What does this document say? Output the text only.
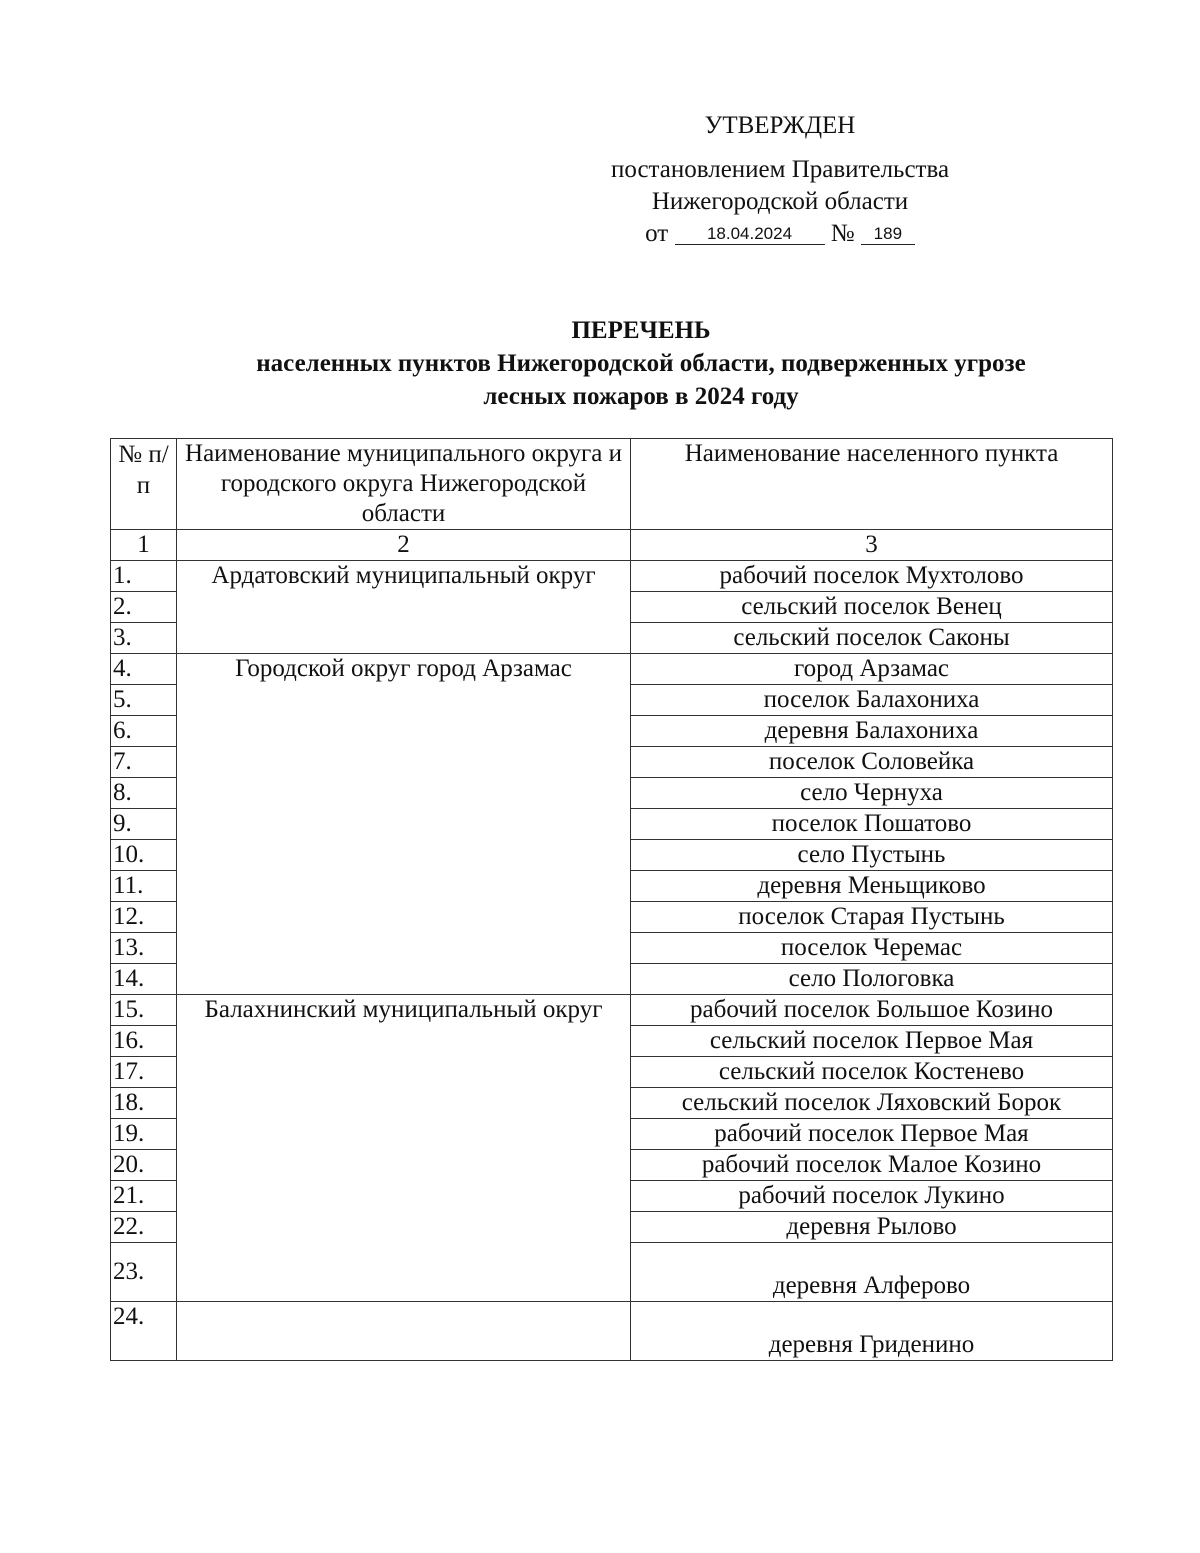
УТВЕРЖДЕН
постановлением Правительства
Нижегородской области
от 18.04.2024 № 189
ПЕРЕЧЕНЬ
населенных пунктов Нижегородской области, подверженных угрозе
лесных пожаров в 2024 году
№ п/п	Наименование муниципального округа и городского округа Нижегородской области	Наименование населенного пункта
1	2	3
1.	Ардатовский муниципальный округ	рабочий поселок Мухтолово
2.		сельский поселок Венец
3.		сельский поселок Саконы
4.	Городской округ город Арзамас	город Арзамас
5.		поселок Балахониха
6.		деревня Балахониха
7.		поселок Соловейка
8.		село Чернуха
9.		поселок Пошатово
10.		село Пустынь
11.		деревня Меньщиково
12.		поселок Старая Пустынь
13.		поселок Черемас
14.		село Пологовка
15.	Балахнинский муниципальный округ	рабочий поселок Большое Козино
16.		сельский поселок Первое Мая
17.		сельский поселок Костенево
18.		сельский поселок Ляховский Борок
19.		рабочий поселок Первое Мая
20.		рабочий поселок Малое Козино
21.		рабочий поселок Лукино
22.		деревня Рылово
23.		деревня Алферово
24.		деревня Гриденино
